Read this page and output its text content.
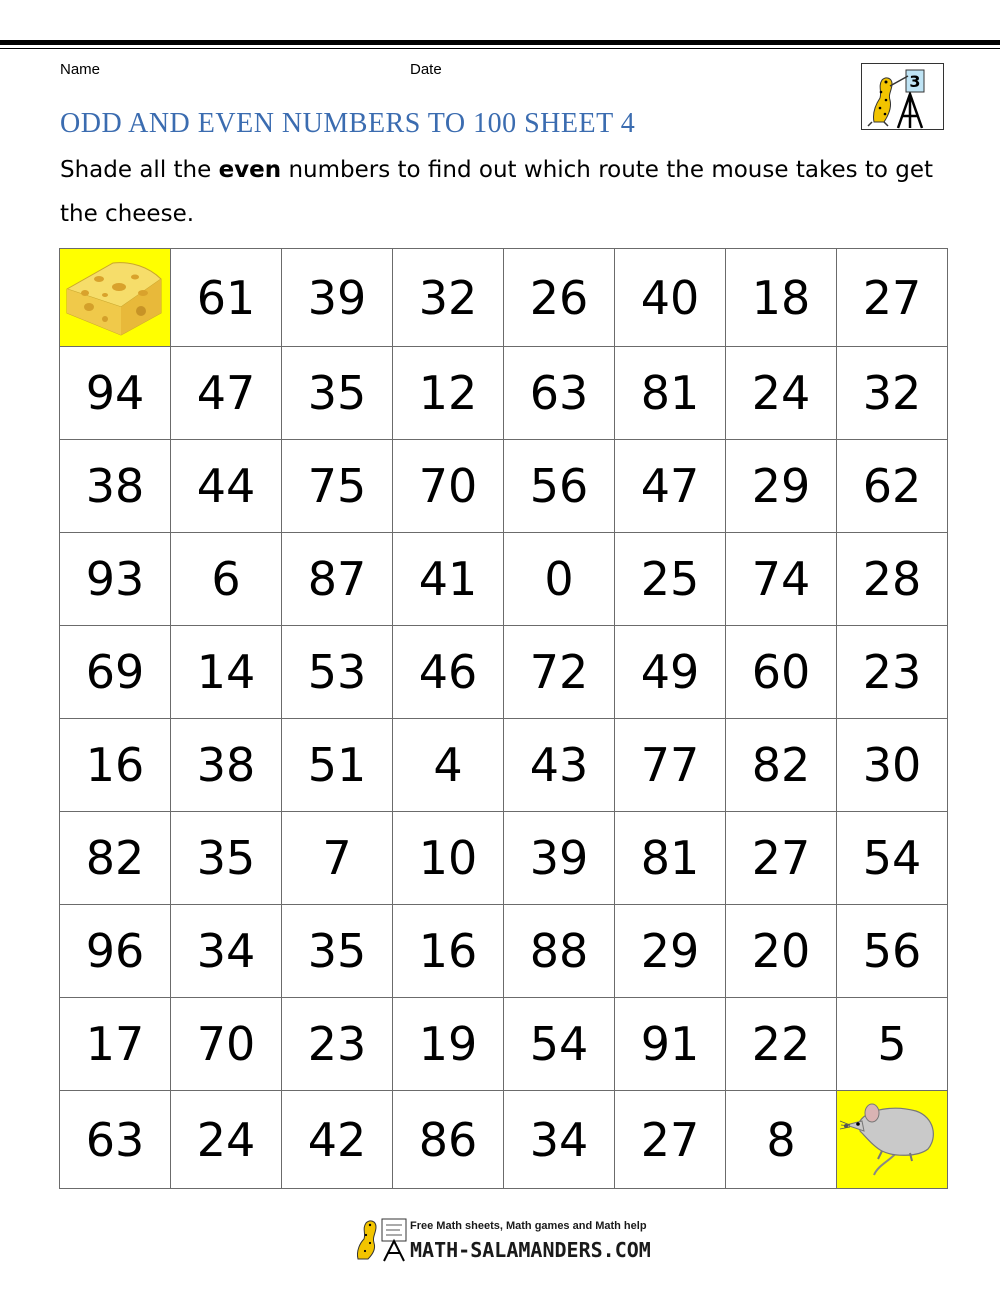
Name	Date
3
ODD AND EVEN NUMBERS TO 100 SHEET 4
Shade all the even numbers to find out which route the mouse takes to get the cheese.
	61	39	32	26	40	18	27
94	47	35	12	63	81	24	32
38	44	75	70	56	47	29	62
93	6	87	41	0	25	74	28
69	14	53	46	72	49	60	23
16	38	51	4	43	77	82	30
82	35	7	10	39	81	27	54
96	34	35	16	88	29	20	56
17	70	23	19	54	91	22	5
63	24	42	86	34	27	8	
Free Math sheets, Math games and Math help
MATH-SALAMANDERS.COM
